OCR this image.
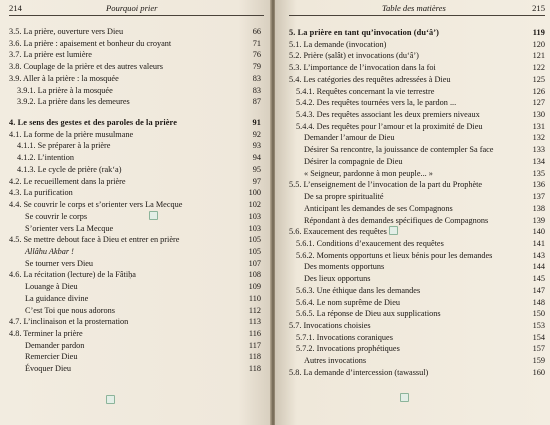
214	Pourquoi prier
3.5. La prière, ouverture vers Dieu	66
3.6. La prière : apaisement et bonheur du croyant	71
3.7. La prière est lumière	76
3.8. Couplage de la prière et des autres valeurs	79
3.9. Aller à la prière : la mosquée	83
3.9.1. La prière à la mosquée	83
3.9.2. La prière dans les demeures	87
4. Le sens des gestes et des paroles de la prière	91
4.1. La forme de la prière musulmane	92
4.1.1. Se préparer à la prière	93
4.1.2. L’intention	94
4.1.3. Le cycle de prière (rak‘a)	95
4.2. Le recueillement dans la prière	97
4.3. La purification	100
4.4. Se couvrir le corps et s’orienter vers La Mecque	102
Se couvrir le corps	103
S’orienter vers La Mecque	103
4.5. Se mettre debout face à Dieu et entrer en prière	105
Allâhu Akbar !	105
Se tourner vers Dieu	107
4.6. La récitation (lecture) de la Fâtiḥa	108
Louange à Dieu	109
La guidance divine	110
C’est Toi que nous adorons	112
4.7. L’inclinaison et la prosternation	113
4.8. Terminer la prière	116
Demander pardon	117
Remercier Dieu	118
Évoquer Dieu	118
Table des matières	215
5. La prière en tant qu’invocation (du‘â’)	119
5.1. La demande (invocation)	120
5.2. Prière (ṣalât) et invocations (du‘â’)	121
5.3. L’importance de l’invocation dans la foi	122
5.4. Les catégories des requêtes adressées à Dieu	125
5.4.1. Requêtes concernant la vie terrestre	126
5.4.2. Des requêtes tournées vers la, le pardon ...	127
5.4.3. Des requêtes associant les deux premiers niveaux	130
5.4.4. Des requêtes pour l’amour et la proximité de Dieu	131
Demander l’amour de Dieu	132
Désirer Sa rencontre, la jouissance de contempler Sa face	133
Désirer la compagnie de Dieu	134
« Seigneur, pardonne à mon peuple... »	135
5.5. L’enseignement de l’invocation de la part du Prophète	136
De sa propre spiritualité	137
Anticipant les demandes de ses Compagnons	138
Répondant à des demandes spécifiques de Compagnons	139
5.6. Exaucement des requêtes	140
5.6.1. Conditions d’exaucement des requêtes	141
5.6.2. Moments opportuns et lieux bénis pour les demandes	143
Des moments opportuns	144
Des lieux opportuns	145
5.6.3. Une éthique dans les demandes	147
5.6.4. Le nom suprême de Dieu	148
5.6.5. La réponse de Dieu aux supplications	150
5.7. Invocations choisies	153
5.7.1. Invocations coraniques	154
5.7.2. Invocations prophétiques	157
Autres invocations	159
5.8. La demande d’intercession (tawassul)	160
